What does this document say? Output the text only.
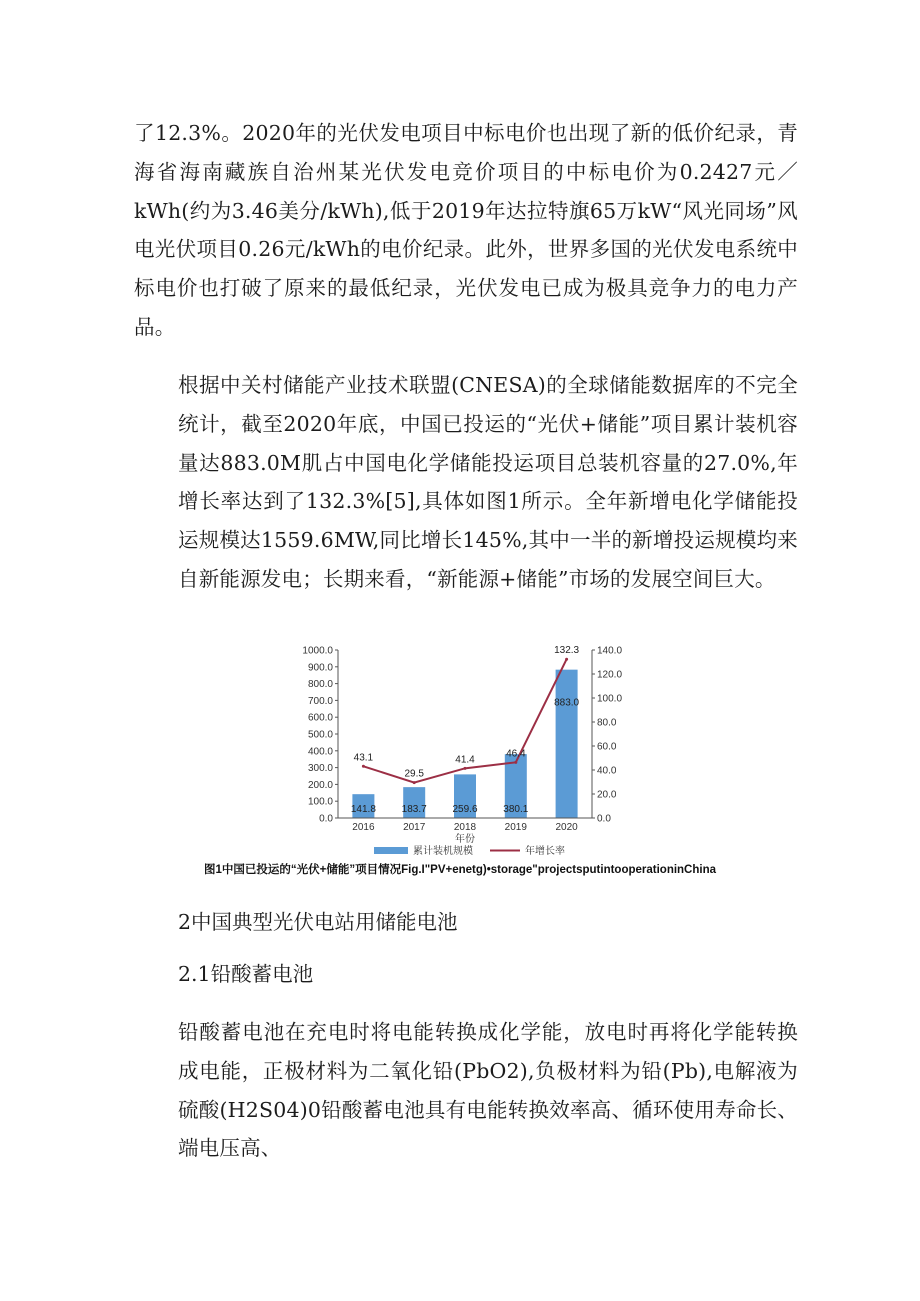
了12.3%。2020年的光伏发电项目中标电价也出现了新的低价纪录，青海省海南藏族自治州某光伏发电竞价项目的中标电价为0.2427元／kWh(约为3.46美分/kWh),低于2019年达拉特旗65万kW“风光同场”风电光伏项目0.26元/kWh的电价纪录。此外，世界多国的光伏发电系统中标电价也打破了原来的最低纪录，光伏发电已成为极具竞争力的电力产品。

根据中关村储能产业技术联盟(CNESA)的全球储能数据库的不完全统计，截至2020年底，中国已投运的“光伏+储能”项目累计装机容量达883.0M肌占中国电化学储能投运项目总装机容量的27.0%,年增长率达到了132.3%[5],具体如图1所示。全年新增电化学储能投运规模达1559.6MW,同比增长145%,其中一半的新增投运规模均来自新能源发电；长期来看，“新能源+储能”市场的发展空间巨大。

0.0
100.0
200.0
300.0
400.0
500.0
600.0
700.0
800.0
900.0
1000.0
0.0
20.0
40.0
60.0
80.0
100.0
120.0
140.0
141.8	183.7	259.6	380.1
883.0
43.1
29.5
41.4
46.4
132.3
2016	2017	2018	2019	2020
年份
累计装机规模	年增长率

图1中国已投运的“光伏+储能”项目情况Fig.I"PV+enetg)•storage"projectsputintooperationinChina

2中国典型光伏电站用储能电池
2.1铅酸蓄电池

铅酸蓄电池在充电时将电能转换成化学能，放电时再将化学能转换成电能，正极材料为二氧化铅(PbO2),负极材料为铅(Pb),电解液为硫酸(H2S04)0铅酸蓄电池具有电能转换效率高、循环使用寿命长、端电压高、
